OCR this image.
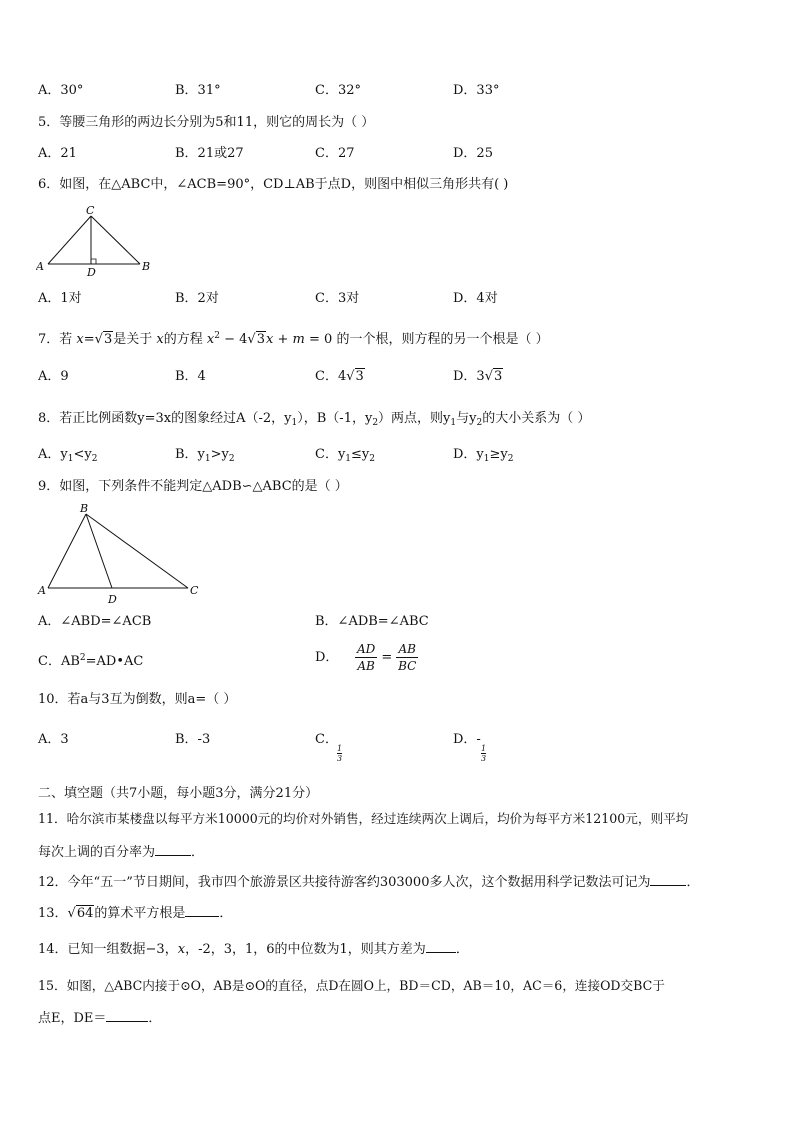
A．30°	B．31°	C．32°	D．33°
5．等腰三角形的两边长分别为5和11，则它的周长为（ ）
A．21	B．21或27	C．27	D．25
6．如图，在△ABC中，∠ACB=90°，CD⊥AB于点D，则图中相似三角形共有( )
A	B
C
D
A．1对	B．2对	C．3对	D．4对
7．若 x=√3是关于 x的方程 $x^2 - 4√3x + m = 0$ 的一个根，则方程的另一个根是（ ）
A．9	B．4	C．4√3	D．3√3
8．若正比例函数y=3x的图象经过A（-2，$y_1$），B（-1，$y_2$）两点，则$y_1$与$y_2$的大小关系为（ ）
A．$y_1<y_2$	B．$y_1>y_2$	C．$y_1\le y_2$	D．$y_1\ge y_2$
9．如图，下列条件不能判定△ADB∽△ABC的是（ ）
A
B
C
D
A．∠ABD=∠ACB	B．∠ADB=∠ABC
C．$AB^2=AD•AC$	D． $\frac{AD}{AB} = \frac{AB}{BC}$
10．若a与3互为倒数，则a=（ ）
A．3	B．-3	C．
1
3
D．-
1
3
二、填空题（共7小题，每小题3分，满分21分）
11．哈尔滨市某楼盘以每平方米10000元的均价对外销售，经过连续两次上调后，均价为每平方米12100元，则平均
每次上调的百分率为	．
12．今年“五一”节日期间，我市四个旅游景区共接待游客约303000多人次，这个数据用科学记数法可记为	．
13．√64的算术平方根是	．
14．已知一组数据−3，x，-2，3，1，6的中位数为1，则其方差为 ．
15．如图，△ABC内接于⊙O，AB是⊙O的直径，点D在圆O上，BD＝CD，AB＝10，AC＝6，连接OD交BC于
点E，DE＝	．
